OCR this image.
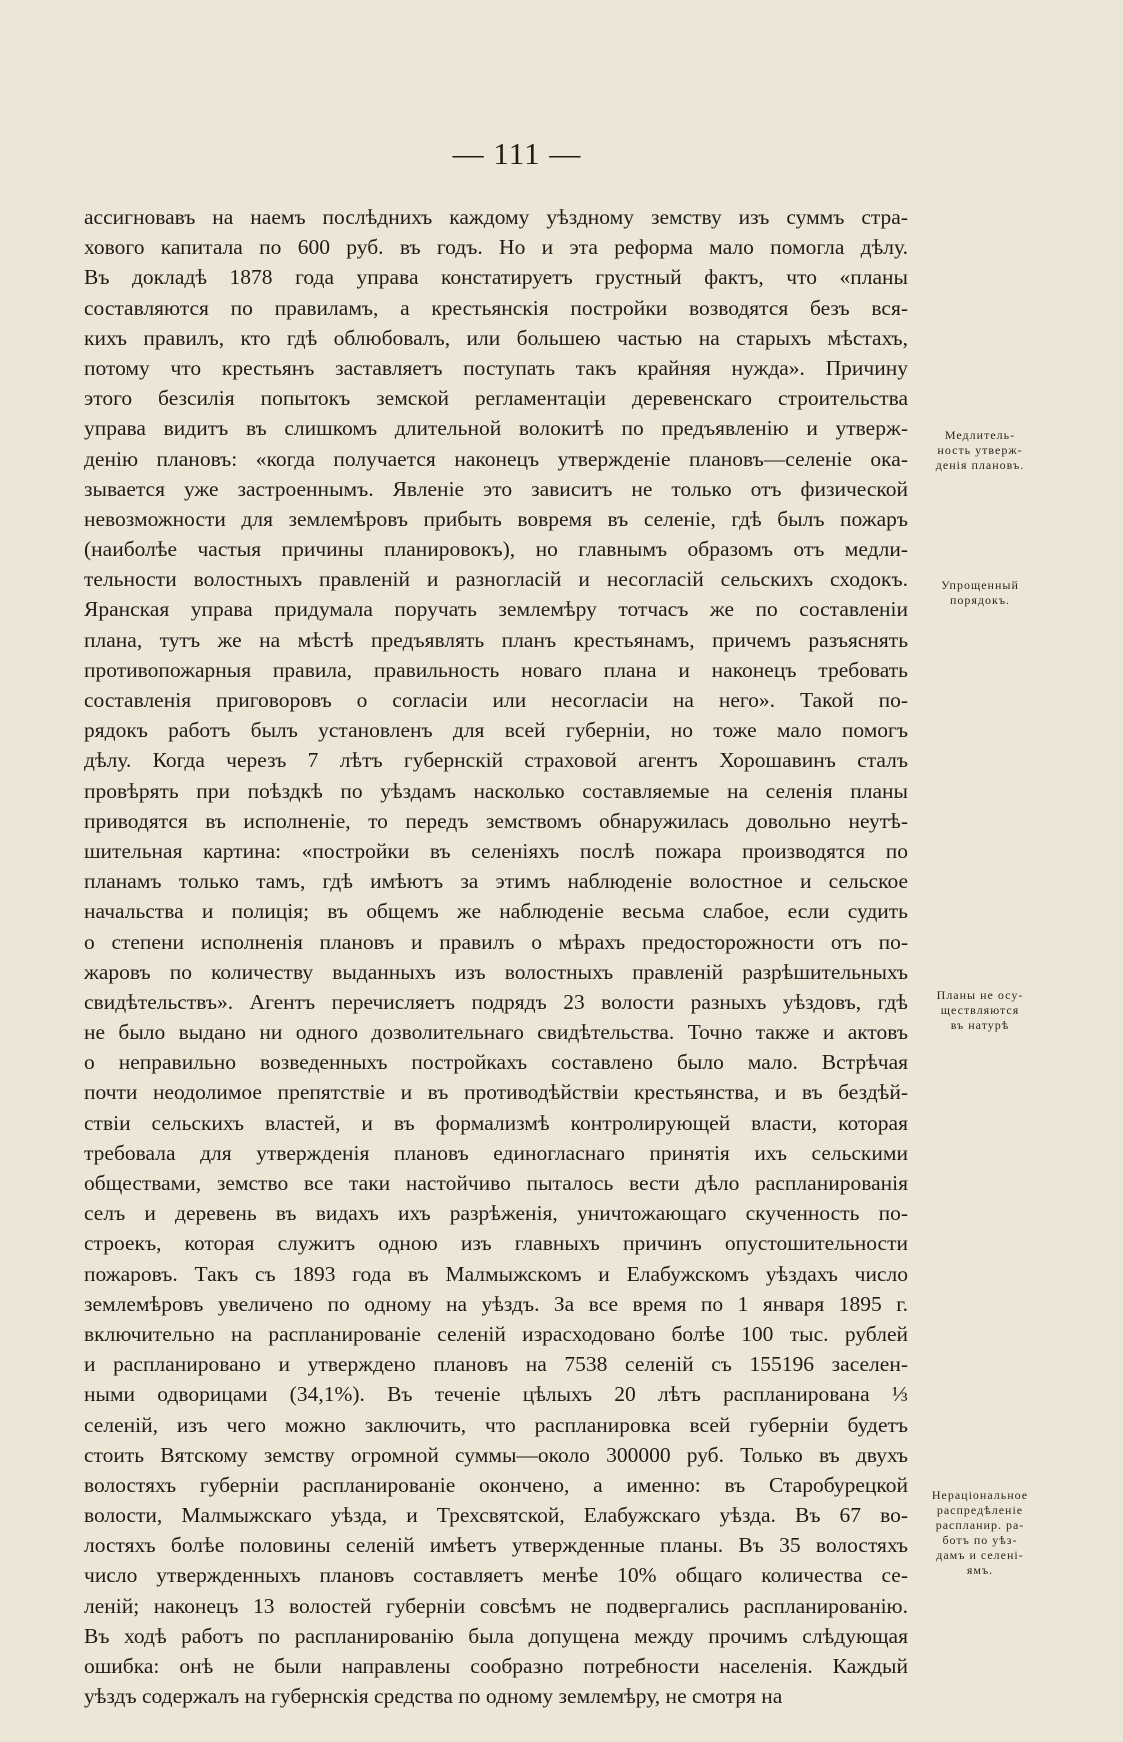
— 111 —
ассигновавъ на наемъ послѣднихъ каждому уѣздному земству изъ суммъ стра-
хового капитала по 600 руб. въ годъ. Но и эта реформа мало помогла дѣлу.
Въ докладѣ 1878 года управа констатируетъ грустный фактъ, что «планы
составляются по правиламъ, а крестьянскія постройки возводятся безъ вся-
кихъ правилъ, кто гдѣ облюбовалъ, или большею частью на старыхъ мѣстахъ,
потому что крестьянъ заставляетъ поступать такъ крайняя нужда». Причину
этого безсилія попытокъ земской регламентаціи деревенскаго строительства
управа видитъ въ слишкомъ длительной волокитѣ по предъявленію и утверж-
денію плановъ: «когда получается наконецъ утвержденіе плановъ—селеніе ока-
зывается уже застроеннымъ. Явленіе это зависитъ не только отъ физической
невозможности для землемѣровъ прибыть вовремя въ селеніе, гдѣ былъ пожаръ
(наиболѣе частыя причины планировокъ), но главнымъ образомъ отъ медли-
тельности волостныхъ правленій и разногласій и несогласій сельскихъ сходокъ.
Яранская управа придумала поручать землемѣру тотчасъ же по составленіи
плана, тутъ же на мѣстѣ предъявлять планъ крестьянамъ, причемъ разъяснять
противопожарныя правила, правильность новаго плана и наконецъ требовать
составленія приговоровъ о согласіи или несогласіи на него». Такой по-
рядокъ работъ былъ установленъ для всей губерніи, но тоже мало помогъ
дѣлу. Когда черезъ 7 лѣтъ губернскій страховой агентъ Хорошавинъ сталъ
провѣрять при поѣздкѣ по уѣздамъ насколько составляемые на селенія планы
приводятся въ исполненіе, то передъ земствомъ обнаружилась довольно неутѣ-
шительная картина: «постройки въ селеніяхъ послѣ пожара производятся по
планамъ только тамъ, гдѣ имѣютъ за этимъ наблюденіе волостное и сельское
начальства и полиція; въ общемъ же наблюденіе весьма слабое, если судить
о степени исполненія плановъ и правилъ о мѣрахъ предосторожности отъ по-
жаровъ по количеству выданныхъ изъ волостныхъ правленій разрѣшительныхъ
свидѣтельствъ». Агентъ перечисляетъ подрядъ 23 волости разныхъ уѣздовъ, гдѣ
не было выдано ни одного дозволительнаго свидѣтельства. Точно также и актовъ
о неправильно возведенныхъ постройкахъ составлено было мало. Встрѣчая
почти неодолимое препятствіе и въ противодѣйствіи крестьянства, и въ бездѣй-
ствіи сельскихъ властей, и въ формализмѣ контролирующей власти, которая
требовала для утвержденія плановъ единогласнаго принятія ихъ сельскими
обществами, земство все таки настойчиво пыталось вести дѣло распланированія
селъ и деревень въ видахъ ихъ разрѣженія, уничтожающаго скученность по-
строекъ, которая служитъ одною изъ главныхъ причинъ опустошительности
пожаровъ. Такъ съ 1893 года въ Малмыжскомъ и Елабужскомъ уѣздахъ число
землемѣровъ увеличено по одному на уѣздъ. За все время по 1 января 1895 г.
включительно на распланированіе селеній израсходовано болѣе 100 тыс. рублей
и распланировано и утверждено плановъ на 7538 селеній съ 155196 заселен-
ными одворицами (34,1%). Въ теченіе цѣлыхъ 20 лѣтъ распланирована ⅓
селеній, изъ чего можно заключить, что распланировка всей губерніи будетъ
стоить Вятскому земству огромной суммы—около 300000 руб. Только въ двухъ
волостяхъ губерніи распланированіе окончено, а именно: въ Старобурецкой
волости, Малмыжскаго уѣзда, и Трехсвятской, Елабужскаго уѣзда. Въ 67 во-
лостяхъ болѣе половины селеній имѣетъ утвержденные планы. Въ 35 волостяхъ
число утвержденныхъ плановъ составляетъ менѣе 10% общаго количества се-
леній; наконецъ 13 волостей губерніи совсѣмъ не подвергались распланированію.
Въ ходѣ работъ по распланированію была допущена между прочимъ слѣдующая
ошибка: онѣ не были направлены сообразно потребности населенія. Каждый
уѣздъ содержалъ на губернскія средства по одному землемѣру, не смотря на
Медлитель-
ность утверж-
денія плановъ.
Упрощенный
порядокъ.
Планы не осу-
ществляются
въ натурѣ
Нераціональное
распредѣленіе
распланир. ра-
ботъ по уѣз-
дамъ и селені-
ямъ.
